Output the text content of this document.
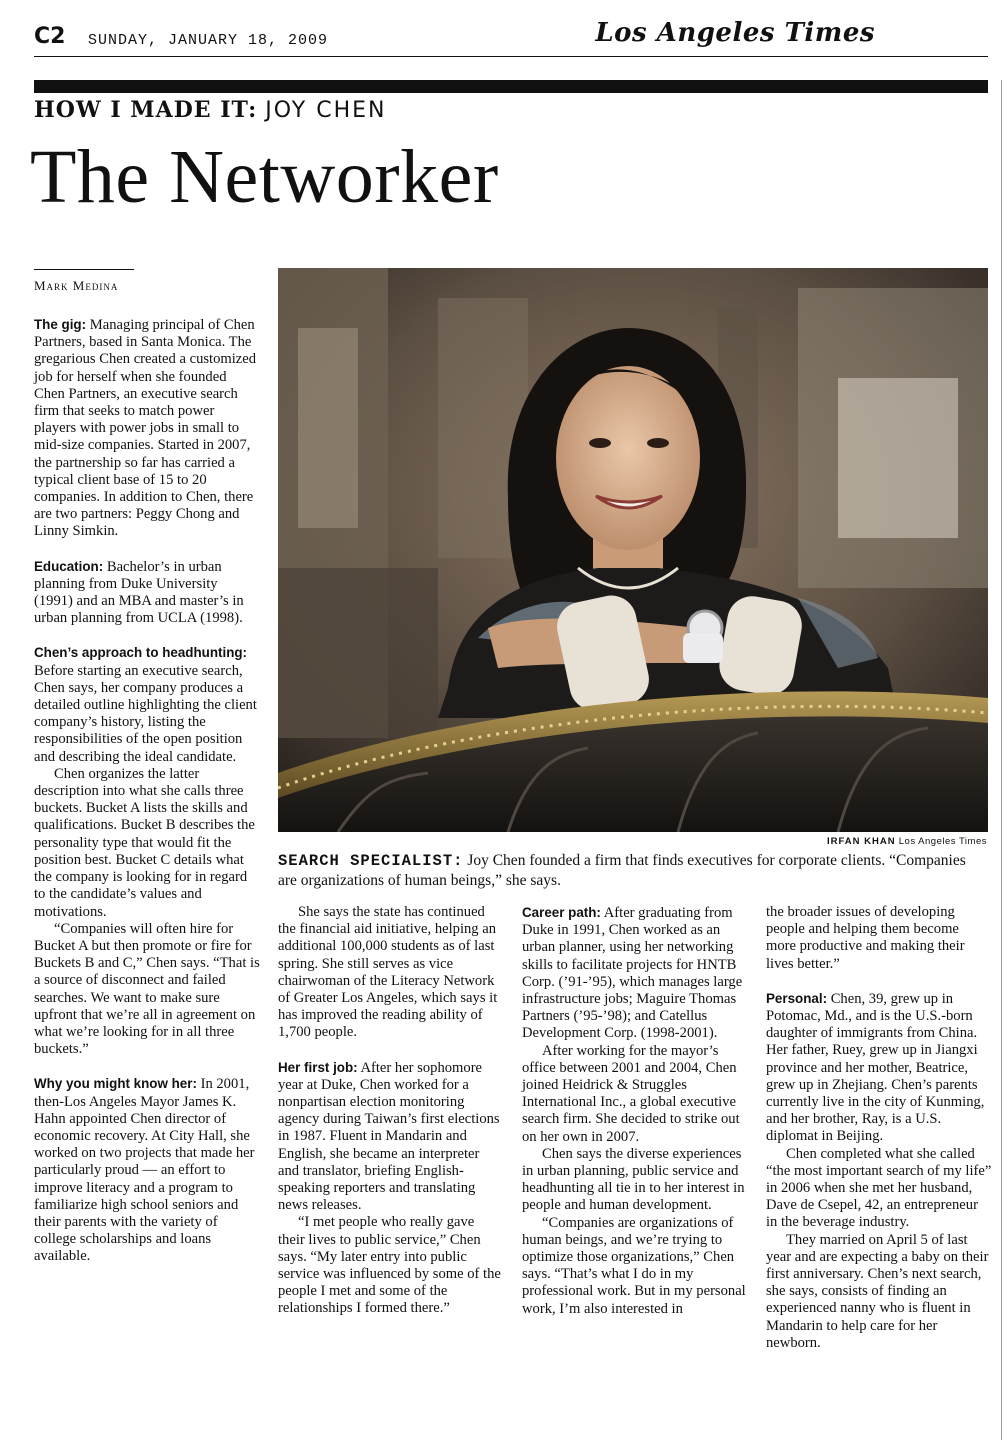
C2 SUNDAY, JANUARY 18, 2009	Los Angeles Times
HOW I MADE IT: JOY CHEN
The Networker
Mark Medina

The gig: Managing principal of Chen Partners, based in Santa Monica. The gregarious Chen created a customized job for herself when she founded Chen Partners, an executive search firm that seeks to match power players with power jobs in small to mid-size companies. Started in 2007, the partnership so far has carried a typical client base of 15 to 20 companies. In addition to Chen, there are two partners: Peggy Chong and Linny Simkin.

Education: Bachelor’s in urban planning from Duke University (1991) and an MBA and master’s in urban planning from UCLA (1998).

Chen’s approach to headhunting: Before starting an executive search, Chen says, her company produces a detailed outline highlighting the client company’s history, listing the responsibilities of the open position and describing the ideal candidate.

Chen organizes the latter description into what she calls three buckets. Bucket A lists the skills and qualifications. Bucket B describes the personality type that would fit the position best. Bucket C details what the company is looking for in regard to the candidate’s values and motivations.

“Companies will often hire for Bucket A but then promote or fire for Buckets B and C,” Chen says. “That is a source of disconnect and failed searches. We want to make sure upfront that we’re all in agreement on what we’re looking for in all three buckets.”

Why you might know her: In 2001, then-Los Angeles Mayor James K. Hahn appointed Chen director of economic recovery. At City Hall, she worked on two projects that made her particularly proud — an effort to improve literacy and a program to familiarize high school seniors and their parents with the variety of college scholarships and loans available.

IRFAN KHAN Los Angeles Times
SEARCH SPECIALIST: Joy Chen founded a firm that finds executives for corporate clients. “Companies are organizations of human beings,” she says.

She says the state has continued the financial aid initiative, helping an additional 100,000 students as of last spring. She still serves as vice chairwoman of the Literacy Network of Greater Los Angeles, which says it has improved the reading ability of 1,700 people.

Her first job: After her sophomore year at Duke, Chen worked for a nonpartisan election monitoring agency during Taiwan’s first elections in 1987. Fluent in Mandarin and English, she became an interpreter and translator, briefing English-speaking reporters and translating news releases.

“I met people who really gave their lives to public service,” Chen says. “My later entry into public service was influenced by some of the people I met and some of the relationships I formed there.”

Career path: After graduating from Duke in 1991, Chen worked as an urban planner, using her networking skills to facilitate projects for HNTB Corp. (’91-’95), which manages large infrastructure jobs; Maguire Thomas Partners (’95-’98); and Catellus Development Corp. (1998-2001).

After working for the mayor’s office between 2001 and 2004, Chen joined Heidrick & Struggles International Inc., a global executive search firm. She decided to strike out on her own in 2007.

Chen says the diverse experiences in urban planning, public service and headhunting all tie in to her interest in people and human development.

“Companies are organizations of human beings, and we’re trying to optimize those organizations,” Chen says. “That’s what I do in my professional work. But in my personal work, I’m also interested in

the broader issues of developing people and helping them become more productive and making their lives better.”

Personal: Chen, 39, grew up in Potomac, Md., and is the U.S.-born daughter of immigrants from China. Her father, Ruey, grew up in Jiangxi province and her mother, Beatrice, grew up in Zhejiang. Chen’s parents currently live in the city of Kunming, and her brother, Ray, is a U.S. diplomat in Beijing.

Chen completed what she called “the most important search of my life” in 2006 when she met her husband, Dave de Csepel, 42, an entrepreneur in the beverage industry.

They married on April 5 of last year and are expecting a baby on their first anniversary. Chen’s next search, she says, consists of finding an experienced nanny who is fluent in Mandarin to help care for her newborn.
